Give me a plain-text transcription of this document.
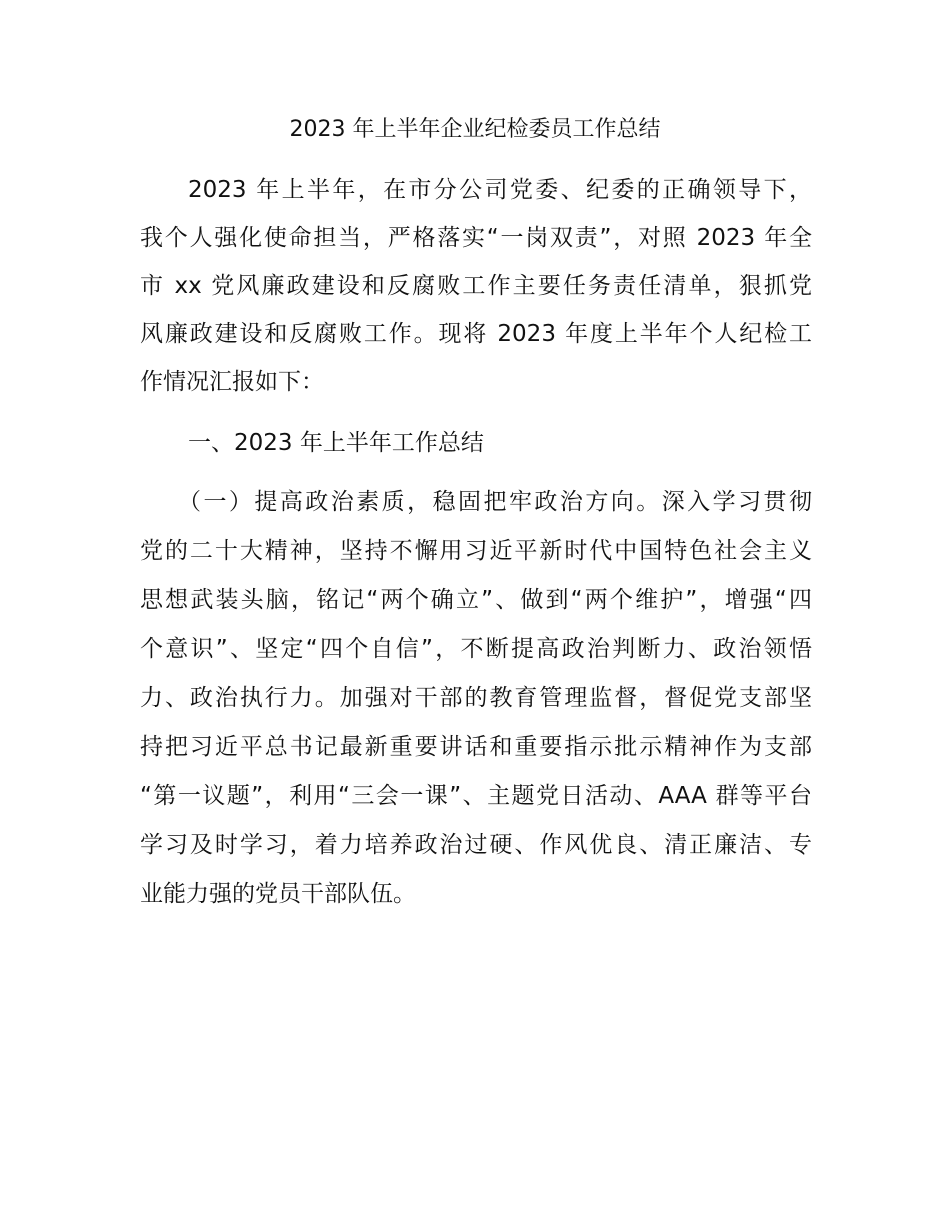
2023 年上半年企业纪检委员工作总结

2023 年上半年，在市分公司党委、纪委的正确领导下，

我个人强化使命担当，严格落实“一岗双责”，对照 2023 年全

市 xx 党风廉政建设和反腐败工作主要任务责任清单，狠抓党

风廉政建设和反腐败工作。现将 2023 年度上半年个人纪检工

作情况汇报如下：

一、2023 年上半年工作总结

（一）提高政治素质，稳固把牢政治方向。深入学习贯彻

党的二十大精神，坚持不懈用习近平新时代中国特色社会主义

思想武装头脑，铭记“两个确立”、做到“两个维护”，增强“四

个意识”、坚定“四个自信”，不断提高政治判断力、政治领悟

力、政治执行力。加强对干部的教育管理监督，督促党支部坚

持把习近平总书记最新重要讲话和重要指示批示精神作为支部

“第一议题”，利用“三会一课”、主题党日活动、AAA 群等平台

学习及时学习，着力培养政治过硬、作风优良、清正廉洁、专

业能力强的党员干部队伍。
